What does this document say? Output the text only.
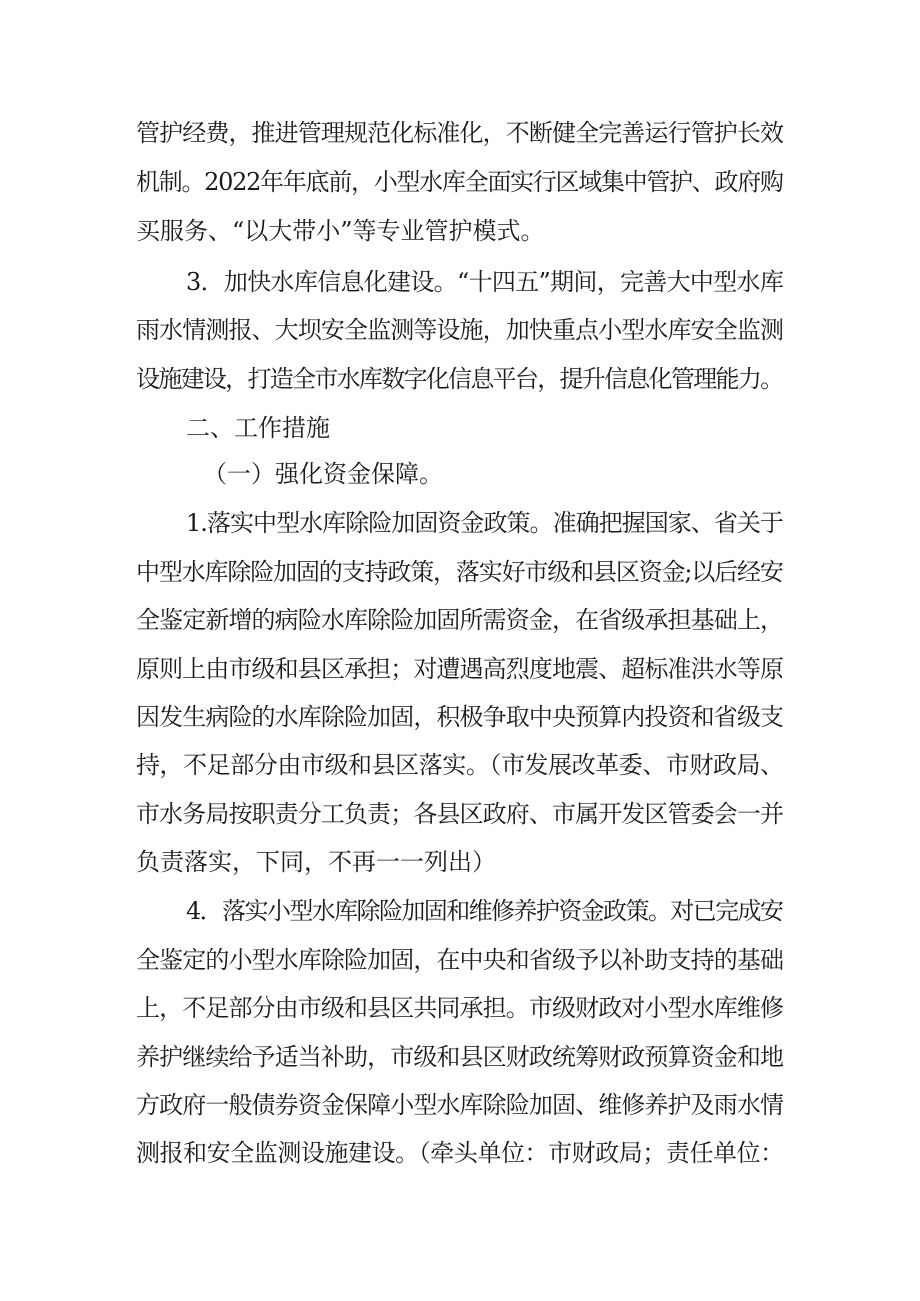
管护经费，推进管理规范化标准化，不断健全完善运行管护长效
机制。2022年年底前，小型水库全面实行区域集中管护、政府购
买服务、“以大带小”等专业管护模式。
3．加快水库信息化建设。“十四五”期间，完善大中型水库
雨水情测报、大坝安全监测等设施，加快重点小型水库安全监测
设施建设，打造全市水库数字化信息平台，提升信息化管理能力。
二、工作措施
（一）强化资金保障。
1.落实中型水库除险加固资金政策。准确把握国家、省关于
中型水库除险加固的支持政策，落实好市级和县区资金;以后经安
全鉴定新增的病险水库除险加固所需资金，在省级承担基础上，
原则上由市级和县区承担；对遭遇高烈度地震、超标准洪水等原
因发生病险的水库除险加固，积极争取中央预算内投资和省级支
持，不足部分由市级和县区落实。（市发展改革委、市财政局、
市水务局按职责分工负责；各县区政府、市属开发区管委会一并
负责落实，下同，不再一一列出）
4．落实小型水库除险加固和维修养护资金政策。对已完成安
全鉴定的小型水库除险加固，在中央和省级予以补助支持的基础
上，不足部分由市级和县区共同承担。市级财政对小型水库维修
养护继续给予适当补助，市级和县区财政统筹财政预算资金和地
方政府一般债券资金保障小型水库除险加固、维修养护及雨水情
测报和安全监测设施建设。（牵头单位：市财政局；责任单位：
